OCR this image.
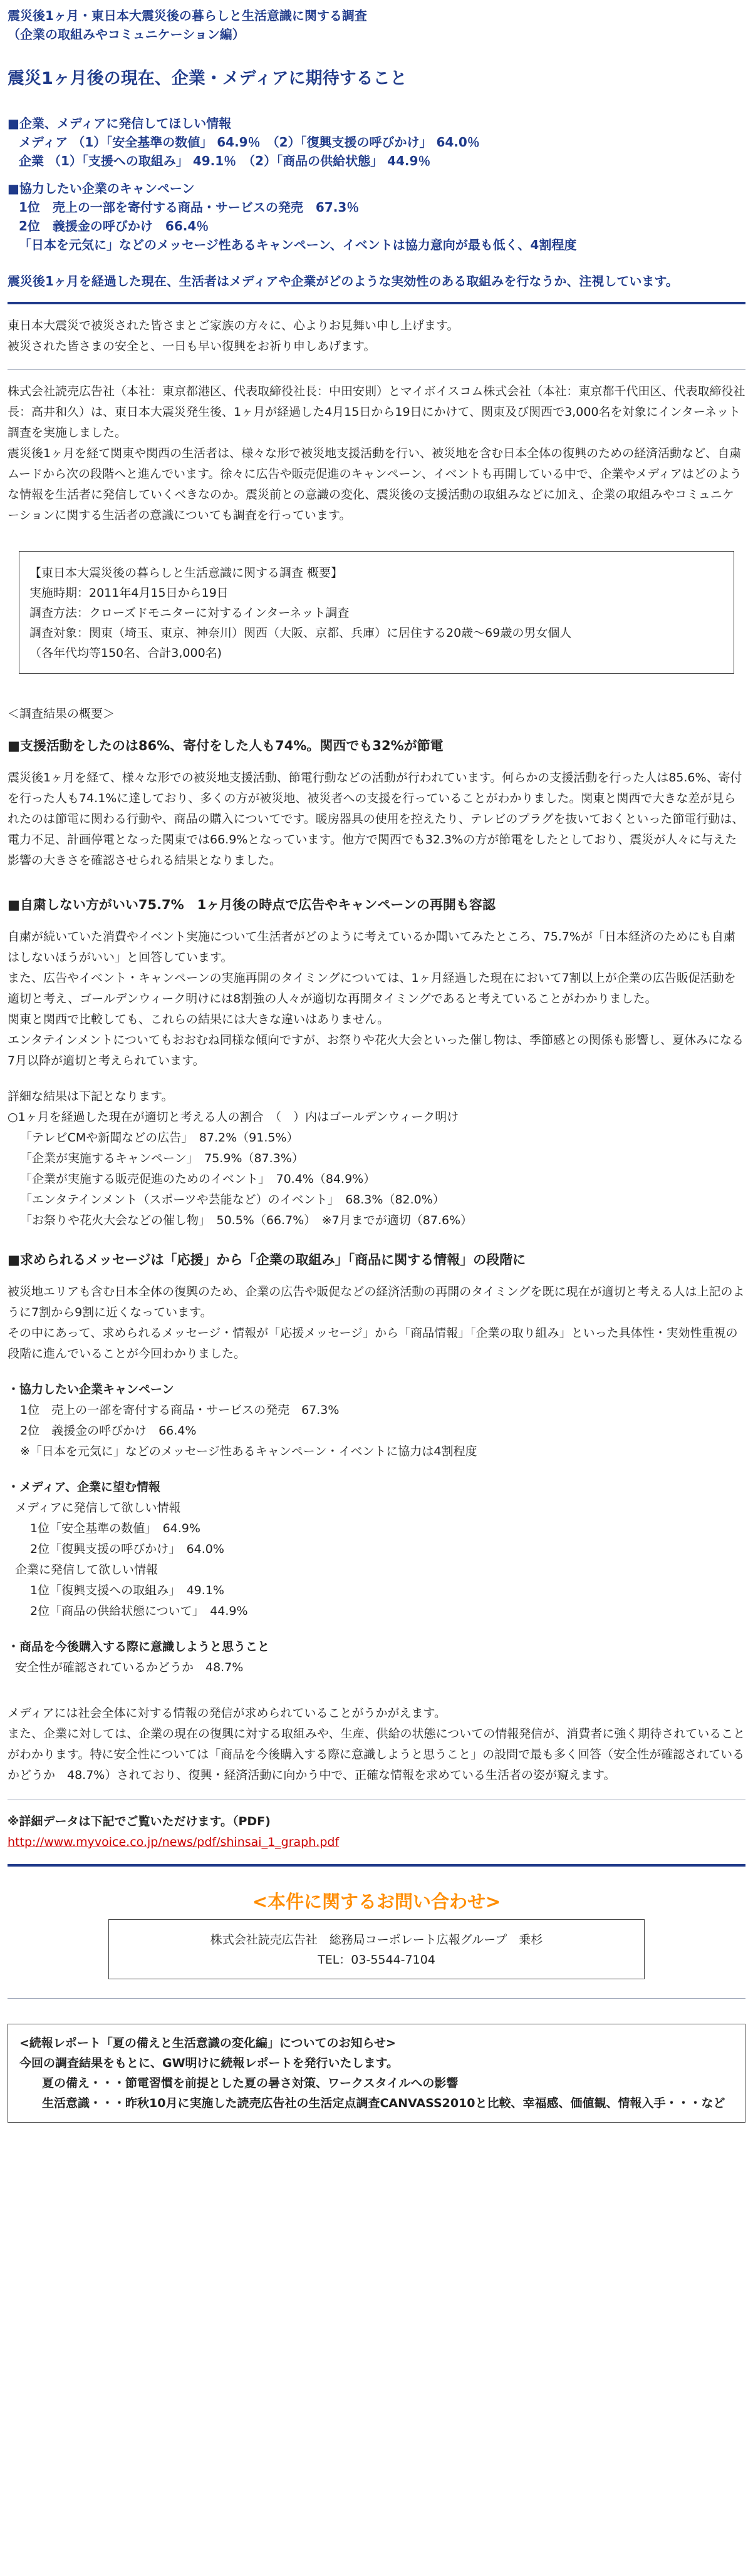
震災後1ヶ月・東日本大震災後の暮らしと生活意識に関する調査
（企業の取組みやコミュニケーション編）
震災1ヶ月後の現在、企業・メディアに期待すること
■企業、メディアに発信してほしい情報
メディア （1）「安全基準の数値」 64.9％　（2）「復興支援の呼びかけ」 64.0％
企業 （1）「支援への取組み」 49.1％　（2）「商品の供給状態」 44.9％
■協力したい企業のキャンペーン
1位　売上の一部を寄付する商品・サービスの発売　67.3％
2位　義援金の呼びかけ　66.4％
「日本を元気に」などのメッセージ性あるキャンペーン、イベントは協力意向が最も低く、4割程度
震災後1ヶ月を経過した現在、生活者はメディアや企業がどのような実効性のある取組みを行なうか、注視しています。

東日本大震災で被災された皆さまとご家族の方々に、心よりお見舞い申し上げます。

被災された皆さまの安全と、一日も早い復興をお祈り申しあげます。

株式会社読売広告社（本社：東京都港区、代表取締役社長：中田安則）とマイボイスコム株式会社（本社：東京都千代田区、代表取締役社長：高井和久）は、東日本大震災発生後、1ヶ月が経過した4月15日から19日にかけて、関東及び関西で3,000名を対象にインターネット調査を実施しました。

震災後1ヶ月を経て関東や関西の生活者は、様々な形で被災地支援活動を行い、被災地を含む日本全体の復興のための経済活動など、自粛ムードから次の段階へと進んでいます。徐々に広告や販売促進のキャンペーン、イベントも再開している中で、企業やメディアはどのような情報を生活者に発信していくべきなのか。震災前との意識の変化、震災後の支援活動の取組みなどに加え、企業の取組みやコミュニケーションに関する生活者の意識についても調査を行っています。

【東日本大震災後の暮らしと生活意識に関する調査 概要】
実施時期：2011年4月15日から19日
調査方法：クローズドモニターに対するインターネット調査
調査対象：関東（埼玉、東京、神奈川）関西（大阪、京都、兵庫）に居住する20歳〜69歳の男女個人
（各年代均等150名、合計3,000名)
＜調査結果の概要＞
■支援活動をしたのは86%、寄付をした人も74%。関西でも32%が節電
震災後1ヶ月を経て、様々な形での被災地支援活動、節電行動などの活動が行われています。何らかの支援活動を行った人は85.6%、寄付を行った人も74.1%に達しており、多くの方が被災地、被災者への支援を行っていることがわかりました。関東と関西で大きな差が見られたのは節電に関わる行動や、商品の購入についてです。暖房器具の使用を控えたり、テレビのプラグを抜いておくといった節電行動は、電力不足、計画停電となった関東では66.9%となっています。他方で関西でも32.3%の方が節電をしたとしており、震災が人々に与えた影響の大きさを確認させられる結果となりました。
■自粛しない方がいい75.7%　1ヶ月後の時点で広告やキャンペーンの再開も容認

自粛が続いていた消費やイベント実施について生活者がどのように考えているか聞いてみたところ、75.7%が「日本経済のためにも自粛はしないほうがいい」と回答しています。

また、広告やイベント・キャンペーンの実施再開のタイミングについては、1ヶ月経過した現在において7割以上が企業の広告販促活動を適切と考え、ゴールデンウィーク明けには8割強の人々が適切な再開タイミングであると考えていることがわかりました。

関東と関西で比較しても、これらの結果には大きな違いはありません。

エンタテインメントについてもおおむね同様な傾向ですが、お祭りや花火大会といった催し物は、季節感との関係も影響し、夏休みになる7月以降が適切と考えられています。

詳細な結果は下記となります。
○1ヶ月を経過した現在が適切と考える人の割合　（　）内はゴールデンウィーク明け
「テレビCMや新聞などの広告」　87.2%（91.5%）
「企業が実施するキャンペーン」　75.9%（87.3%）
「企業が実施する販売促進のためのイベント」　70.4%（84.9%）
「エンタテインメント（スポーツや芸能など）のイベント」　68.3%（82.0%）
「お祭りや花火大会などの催し物」　50.5%（66.7%）　※7月までが適切（87.6%）
■求められるメッセージは「応援」から「企業の取組み」「商品に関する情報」の段階に

被災地エリアも含む日本全体の復興のため、企業の広告や販促などの経済活動の再開のタイミングを既に現在が適切と考える人は上記のように7割から9割に近くなっています。

その中にあって、求められるメッセージ・情報が「応援メッセージ」から「商品情報」「企業の取り組み」といった具体性・実効性重視の段階に進んでいることが今回わかりました。

・協力したい企業キャンペーン
1位　売上の一部を寄付する商品・サービスの発売　67.3%
2位　義援金の呼びかけ　66.4%
※「日本を元気に」などのメッセージ性あるキャンペーン・イベントに協力は4割程度
・メディア、企業に望む情報
メディアに発信して欲しい情報
1位「安全基準の数値」　64.9%
2位「復興支援の呼びかけ」　64.0%
企業に発信して欲しい情報
1位「復興支援への取組み」　49.1%
2位「商品の供給状態について」　44.9%
・商品を今後購入する際に意識しようと思うこと
安全性が確認されているかどうか　48.7%

メディアには社会全体に対する情報の発信が求められていることがうかがえます。

また、企業に対しては、企業の現在の復興に対する取組みや、生産、供給の状態についての情報発信が、消費者に強く期待されていることがわかります。特に安全性については「商品を今後購入する際に意識しようと思うこと」の設問で最も多く回答（安全性が確認されているかどうか　48.7%）されており、復興・経済活動に向かう中で、正確な情報を求めている生活者の姿が窺えます。

※詳細データは下記でご覧いただけます。（PDF)
http://www.myvoice.co.jp/news/pdf/shinsai_1_graph.pdf
<本件に関するお問い合わせ>
株式会社読売広告社　総務局コーポレート広報グループ　乗杉
TEL：03-5544-7104
<続報レポート「夏の備えと生活意識の変化編」についてのお知らせ>
今回の調査結果をもとに、GW明けに続報レポートを発行いたします。
夏の備え・・・節電習慣を前提とした夏の暑さ対策、ワークスタイルへの影響
生活意識・・・昨秋10月に実施した読売広告社の生活定点調査CANVASS2010と比較、幸福感、価値観、情報入手・・・など
